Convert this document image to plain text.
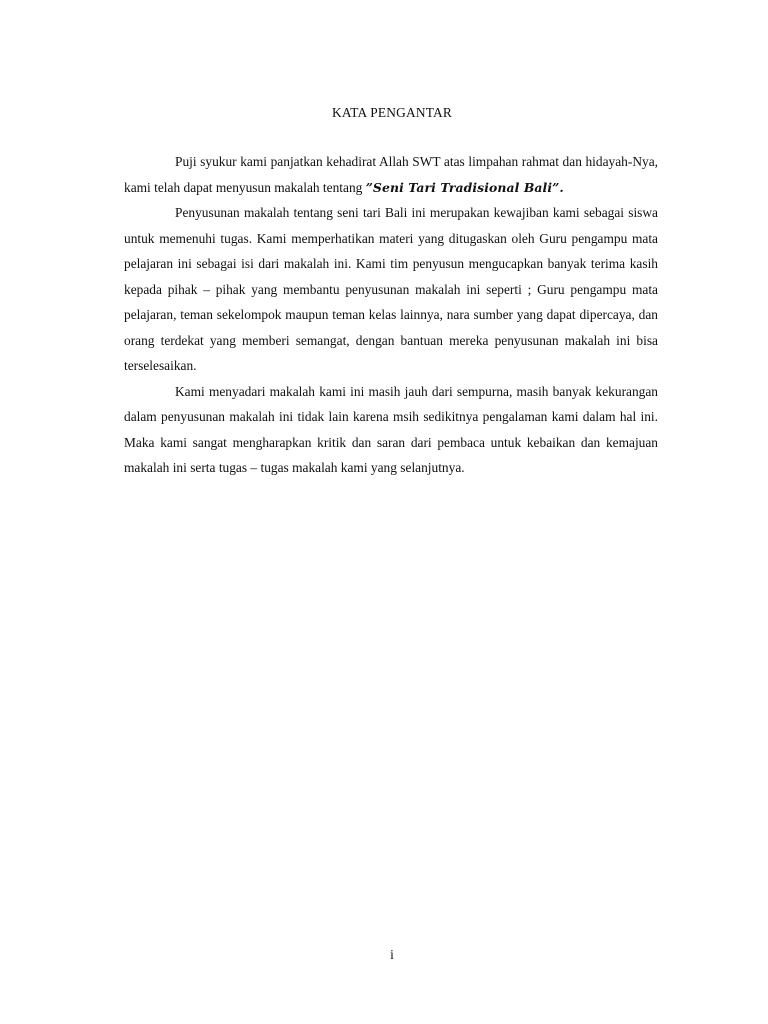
KATA PENGANTAR

Puji syukur kami panjatkan kehadirat Allah SWT atas limpahan rahmat dan hidayah-Nya, kami telah dapat menyusun makalah tentang ”Seni Tari Tradisional Bali”.

Penyusunan makalah tentang seni tari Bali ini merupakan kewajiban kami sebagai siswa untuk memenuhi tugas. Kami memperhatikan materi yang ditugaskan oleh Guru pengampu mata pelajaran ini sebagai isi dari makalah ini. Kami tim penyusun mengucapkan banyak terima kasih kepada pihak – pihak yang membantu penyusunan makalah ini seperti ; Guru pengampu mata pelajaran, teman sekelompok maupun teman kelas lainnya, nara sumber yang dapat dipercaya, dan orang terdekat yang memberi semangat, dengan bantuan mereka penyusunan makalah ini bisa terselesaikan.

Kami menyadari makalah kami ini masih jauh dari sempurna, masih banyak kekurangan dalam penyusunan makalah ini tidak lain karena msih sedikitnya pengalaman kami dalam hal ini. Maka kami sangat mengharapkan kritik dan saran dari pembaca untuk kebaikan dan kemajuan makalah ini serta tugas – tugas makalah kami yang selanjutnya.

i
